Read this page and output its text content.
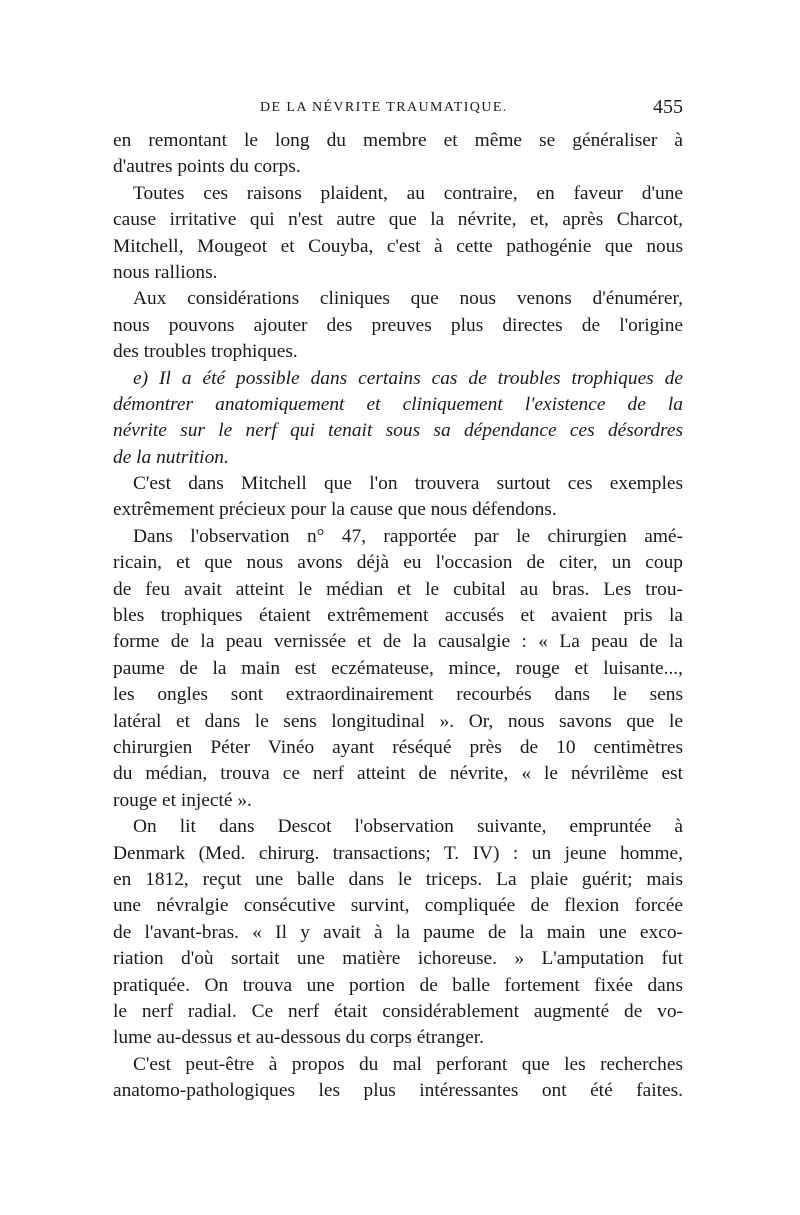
DE LA NÉVRITE TRAUMATIQUE.	455
en remontant le long du membre et même se généraliser à
d'autres points du corps.
Toutes ces raisons plaident, au contraire, en faveur d'une
cause irritative qui n'est autre que la névrite, et, après Charcot,
Mitchell, Mougeot et Couyba, c'est à cette pathogénie que nous
nous rallions.
Aux considérations cliniques que nous venons d'énumérer,
nous pouvons ajouter des preuves plus directes de l'origine
des troubles trophiques.
e) Il a été possible dans certains cas de troubles trophiques de
démontrer anatomiquement et cliniquement l'existence de la
névrite sur le nerf qui tenait sous sa dépendance ces désordres
de la nutrition.
C'est dans Mitchell que l'on trouvera surtout ces exemples
extrêmement précieux pour la cause que nous défendons.
Dans l'observation n° 47, rapportée par le chirurgien amé-
ricain, et que nous avons déjà eu l'occasion de citer, un coup
de feu avait atteint le médian et le cubital au bras. Les trou-
bles trophiques étaient extrêmement accusés et avaient pris la
forme de la peau vernissée et de la causalgie : « La peau de la
paume de la main est eczémateuse, mince, rouge et luisante...,
les ongles sont extraordinairement recourbés dans le sens
latéral et dans le sens longitudinal ». Or, nous savons que le
chirurgien Péter Vinéo ayant réséqué près de 10 centimètres
du médian, trouva ce nerf atteint de névrite, « le névrilème est
rouge et injecté ».
On lit dans Descot l'observation suivante, empruntée à
Denmark (Med. chirurg. transactions; T. IV) : un jeune homme,
en 1812, reçut une balle dans le triceps. La plaie guérit; mais
une névralgie consécutive survint, compliquée de flexion forcée
de l'avant-bras. « Il y avait à la paume de la main une exco-
riation d'où sortait une matière ichoreuse. » L'amputation fut
pratiquée. On trouva une portion de balle fortement fixée dans
le nerf radial. Ce nerf était considérablement augmenté de vo-
lume au-dessus et au-dessous du corps étranger.
C'est peut-être à propos du mal perforant que les recherches
anatomo-pathologiques les plus intéressantes ont été faites.
